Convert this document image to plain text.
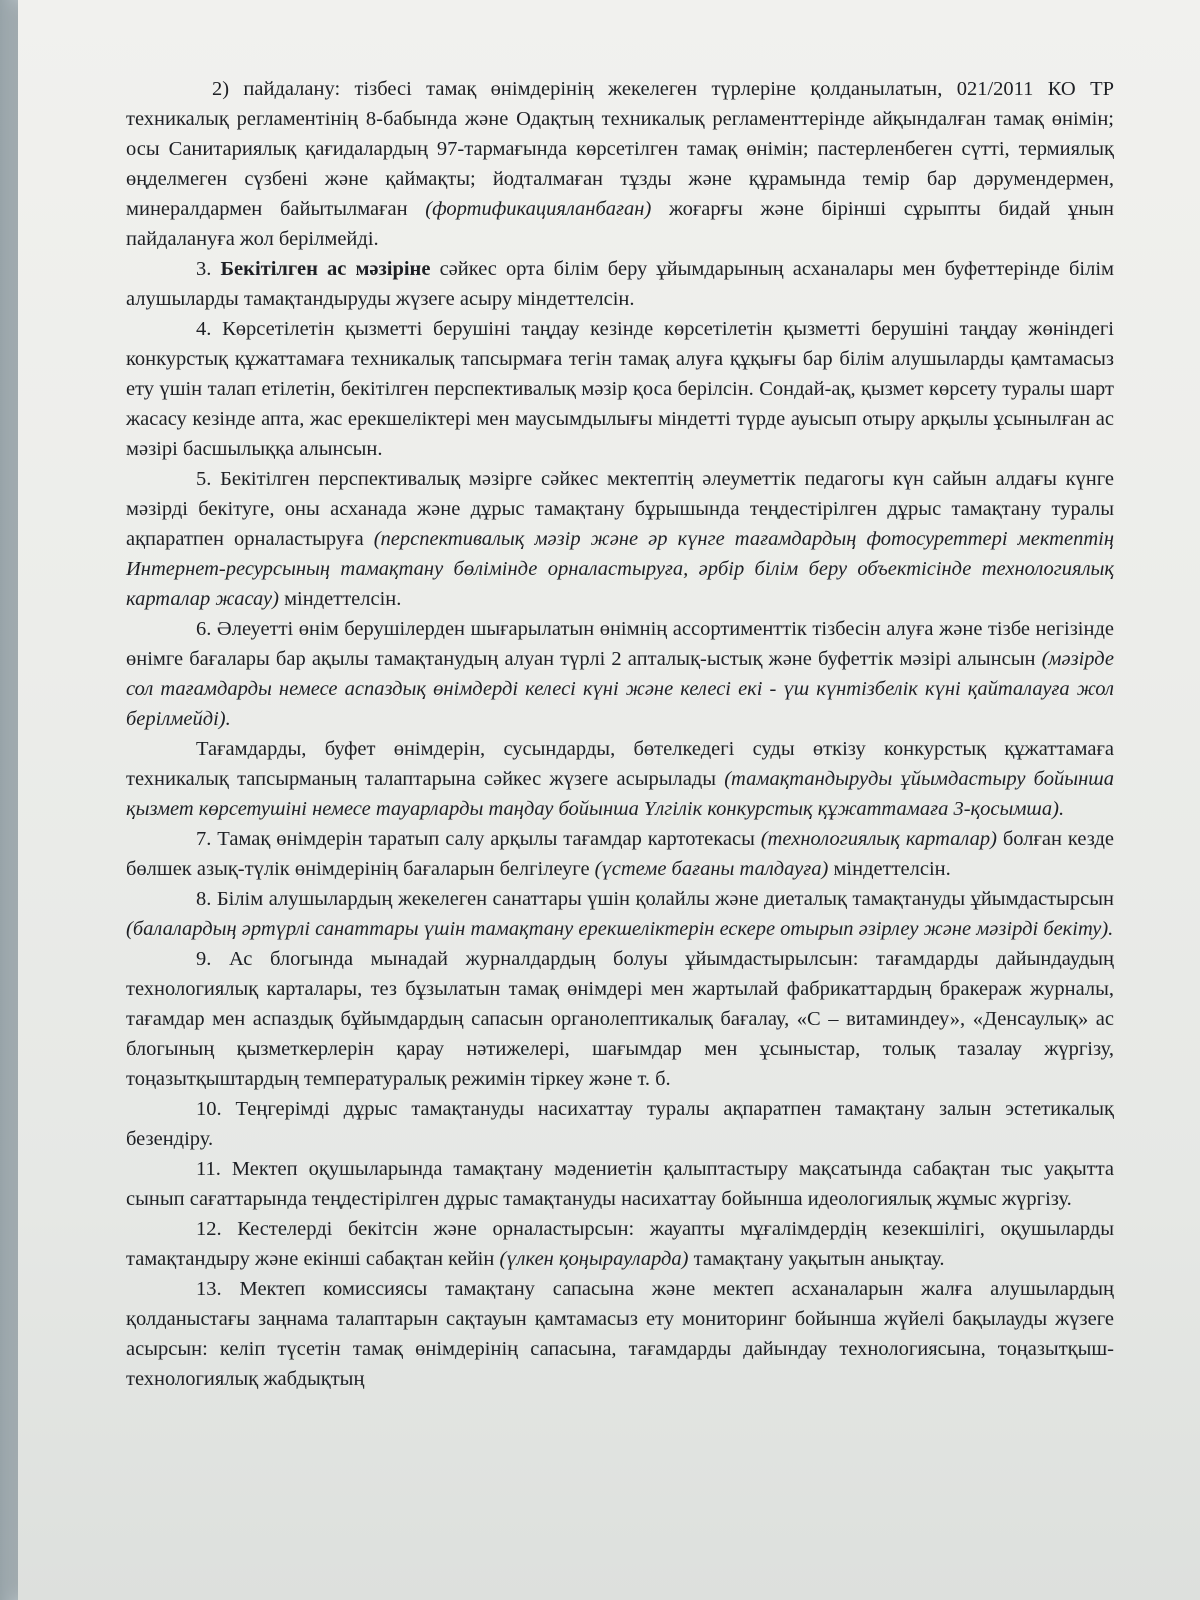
2) пайдалану: тізбесі тамақ өнімдерінің жекелеген түрлеріне қолданылатын, 021/2011 КО ТР техникалық регламентінің 8-бабында және Одақтың техникалық регламенттерінде айқындалған тамақ өнімін; осы Санитариялық қағидалардың 97-тармағында көрсетілген тамақ өнімін; пастерленбеген сүтті, термиялық өңделмеген сүзбені және қаймақты; йодталмаған тұзды және құрамында темір бар дәрумендермен, минералдармен байытылмаған (фортификацияланбаған) жоғарғы және бірінші сұрыпты бидай ұнын пайдалануға жол берілмейді.

3. Бекітілген ас мәзіріне сәйкес орта білім беру ұйымдарының асханалары мен буфеттерінде білім алушыларды тамақтандыруды жүзеге асыру міндеттелсін.

4. Көрсетілетін қызметті берушіні таңдау кезінде көрсетілетін қызметті берушіні таңдау жөніндегі конкурстық құжаттамаға техникалық тапсырмаға тегін тамақ алуға құқығы бар білім алушыларды қамтамасыз ету үшін талап етілетін, бекітілген перспективалық мәзір қоса берілсін. Сондай-ақ, қызмет көрсету туралы шарт жасасу кезінде апта, жас ерекшеліктері мен маусымдылығы міндетті түрде ауысып отыру арқылы ұсынылған ас мәзірі басшылыққа алынсын.

5. Бекітілген перспективалық мәзірге сәйкес мектептің әлеуметтік педагогы күн сайын алдағы күнге мәзірді бекітуге, оны асханада және дұрыс тамақтану бұрышында теңдестірілген дұрыс тамақтану туралы ақпаратпен орналастыруға (перспективалық мәзір және әр күнге тағамдардың фотосуреттері мектептің Интернет-ресурсының тамақтану бөлімінде орналастыруға, әрбір білім беру объектісінде технологиялық карталар жасау) міндеттелсін.

6. Әлеуетті өнім берушілерден шығарылатын өнімнің ассортименттік тізбесін алуға және тізбе негізінде өнімге бағалары бар ақылы тамақтанудың алуан түрлі 2 апталық-ыстық және буфеттік мәзірі алынсын (мәзірде сол тағамдарды немесе аспаздық өнімдерді келесі күні және келесі екі - үш күнтізбелік күні қайталауға жол берілмейді).

Тағамдарды, буфет өнімдерін, сусындарды, бөтелкедегі суды өткізу конкурстық құжаттамаға техникалық тапсырманың талаптарына сәйкес жүзеге асырылады (тамақтандыруды ұйымдастыру бойынша қызмет көрсетушіні немесе тауарларды таңдау бойынша Үлгілік конкурстық құжаттамаға 3-қосымша).

7. Тамақ өнімдерін таратып салу арқылы тағамдар картотекасы (технологиялық карталар) болған кезде бөлшек азық-түлік өнімдерінің бағаларын белгілеуге (үстеме бағаны талдауға) міндеттелсін.

8. Білім алушылардың жекелеген санаттары үшін қолайлы және диеталық тамақтануды ұйымдастырсын (балалардың әртүрлі санаттары үшін тамақтану ерекшеліктерін ескере отырып әзірлеу және мәзірді бекіту).

9. Ас блогында мынадай журналдардың болуы ұйымдастырылсын: тағамдарды дайындаудың технологиялық карталары, тез бұзылатын тамақ өнімдері мен жартылай фабрикаттардың бракераж журналы, тағамдар мен аспаздық бұйымдардың сапасын органолептикалық бағалау, «С – витаминдеу», «Денсаулық» ас блогының қызметкерлерін қарау нәтижелері, шағымдар мен ұсыныстар, толық тазалау жүргізу, тоңазытқыштардың температуралық режимін тіркеу және т. б.

10. Теңгерімді дұрыс тамақтануды насихаттау туралы ақпаратпен тамақтану залын эстетикалық безендіру.

11. Мектеп оқушыларында тамақтану мәдениетін қалыптастыру мақсатында сабақтан тыс уақытта сынып сағаттарында теңдестірілген дұрыс тамақтануды насихаттау бойынша идеологиялық жұмыс жүргізу.

12. Кестелерді бекітсін және орналастырсын: жауапты мұғалімдердің кезекшілігі, оқушыларды тамақтандыру және екінші сабақтан кейін (үлкен қоңырауларда) тамақтану уақытын анықтау.

13. Мектеп комиссиясы тамақтану сапасына және мектеп асханаларын жалға алушылардың қолданыстағы заңнама талаптарын сақтауын қамтамасыз ету мониторинг бойынша жүйелі бақылауды жүзеге асырсын: келіп түсетін тамақ өнімдерінің сапасына, тағамдарды дайындау технологиясына, тоңазытқыш-технологиялық жабдықтың
